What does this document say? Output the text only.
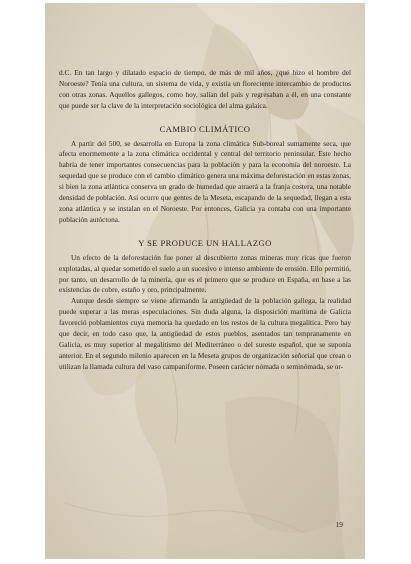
d.C. En tan largo y dilatado espacio de tiempo, de más de mil años, ¿qué hizo el hombre del Noroeste? Tenía una cultura, un sistema de vida, y existía un floreciente intercambio de productos con otras zonas. Aquellos gallegos, como hoy, salían del país y regresaban a él, en una constante que puede ser la clave de la interpretación sociológica del alma galaica.

CAMBIO CLIMÁTICO

A partir del 500, se desarrolla en Europa la zona climática Sub-boreal sumamente seca, que afecta enormemente a la zona climática occidental y central del territorio peninsular. Este hecho habría de tener importantes consecuencias para la población y para la economía del noroeste. La sequedad que se produce con el cambio climático genera una máxima deforestación en estas zonas, si bien la zona atlántica conserva un grado de humedad que atraerá a la franja costera, una notable densidad de población. Así ocurre que gentes de la Meseta, escapando de la sequedad, llegan a esta zona atlántica y se instalan en el Noroeste. Por entonces, Galicia ya contaba con una importante población autóctona.

Y SE PRODUCE UN HALLAZGO

Un efecto de la deforestación fue poner al descubierto zonas mineras muy ricas que fueron explotadas, al quedar sometido el suelo a un sucesivo e intenso ambiente de erosión. Ello permitió, por tanto, un desarrollo de la minería, que es el primero que se produce en España, en base a las existencias de cobre, estaño y oro, principalmente.

Aunque desde siempre se viene afirmando la antigüedad de la población gallega, la realidad puede superar a las meras especulaciones. Sin duda alguna, la disposición marítima de Galicia favoreció poblamientos cuya memoria ha quedado en los restos de la cultura megalítica. Pero hay que decir, en todo caso que, la antigüedad de estos pueblos, asentados tan tempranamente en Galicia, es muy superior al megalitismo del Mediterráneo o del sureste español, que se suponía anterior. En el segundo milenio aparecen en la Meseta grupos de organización señorial que crean o utilizan la llamada cultura del vaso campaniforme. Poseen carácter nómada o seminómada, se or-

19
